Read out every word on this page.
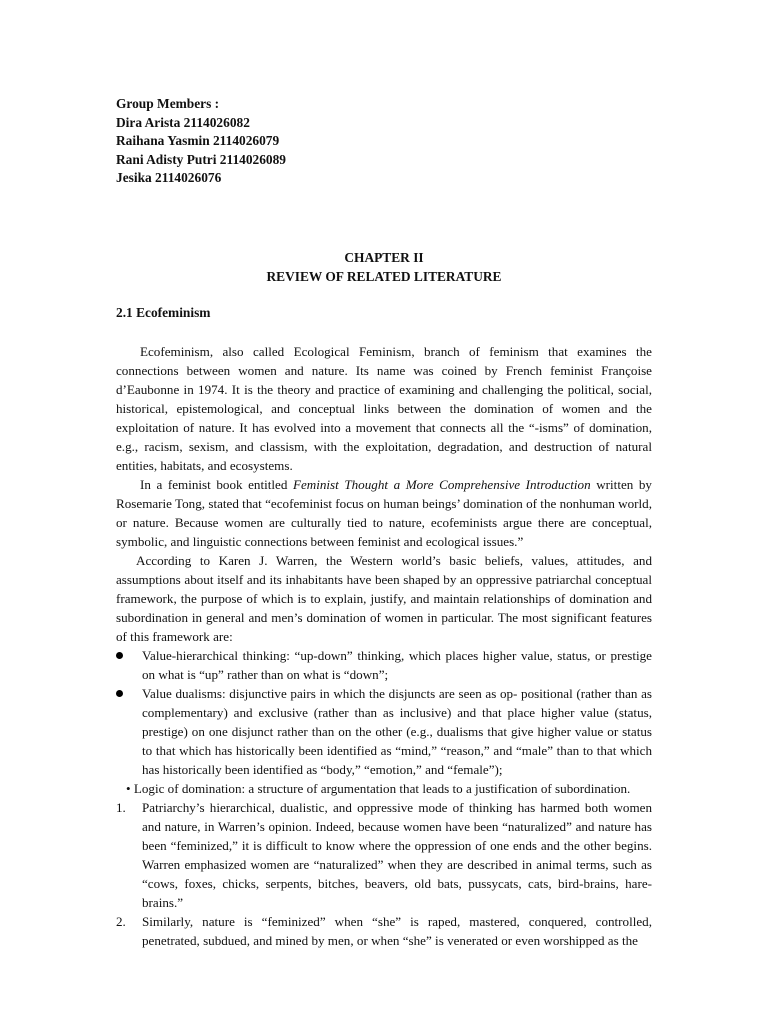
Group Members :
Dira Arista 2114026082
Raihana Yasmin 2114026079
Rani Adisty Putri 2114026089
Jesika 2114026076
CHAPTER II
REVIEW OF RELATED LITERATURE
2.1 Ecofeminism

Ecofeminism, also called Ecological Feminism, branch of feminism that examines the connections between women and nature. Its name was coined by French feminist Françoise d’Eaubonne in 1974. It is the theory and practice of examining and challenging the political, social, historical, epistemological, and conceptual links between the domination of women and the exploitation of nature. It has evolved into a movement that connects all the “-isms” of domination, e.g., racism, sexism, and classism, with the exploitation, degradation, and destruction of natural entities, habitats, and ecosystems.

In a feminist book entitled Feminist Thought a More Comprehensive Introduction written by Rosemarie Tong, stated that “ecofeminist focus on human beings’ domination of the nonhuman world, or nature. Because women are culturally tied to nature, ecofeminists argue there are conceptual, symbolic, and linguistic connections between feminist and ecological issues.”

According to Karen J. Warren, the Western world’s basic beliefs, values, attitudes, and assumptions about itself and its inhabitants have been shaped by an oppressive patriarchal conceptual framework, the purpose of which is to explain, justify, and maintain relationships of domination and subordination in general and men’s domination of women in particular. The most significant features of this framework are:

Value-hierarchical thinking: “up-down” thinking, which places higher value, status, or prestige on what is “up” rather than on what is “down”;
Value dualisms: disjunctive pairs in which the disjuncts are seen as op- positional (rather than as complementary) and exclusive (rather than as inclusive) and that place higher value (status, prestige) on one disjunct rather than on the other (e.g., dualisms that give higher value or status to that which has historically been identified as “mind,” “reason,” and “male” than to that which has historically been identified as “body,” “emotion,” and “female”);
• Logic of domination: a structure of argumentation that leads to a justification of subordination.
1. Patriarchy’s hierarchical, dualistic, and oppressive mode of thinking has harmed both women and nature, in Warren’s opinion. Indeed, because women have been “naturalized” and nature has been “feminized,” it is difficult to know where the oppression of one ends and the other begins. Warren emphasized women are “naturalized” when they are described in animal terms, such as “cows, foxes, chicks, serpents, bitches, beavers, old bats, pussycats, cats, bird-brains, hare-brains.”
2. Similarly, nature is “feminized” when “she” is raped, mastered, conquered, controlled, penetrated, subdued, and mined by men, or when “she” is venerated or even worshipped as the
